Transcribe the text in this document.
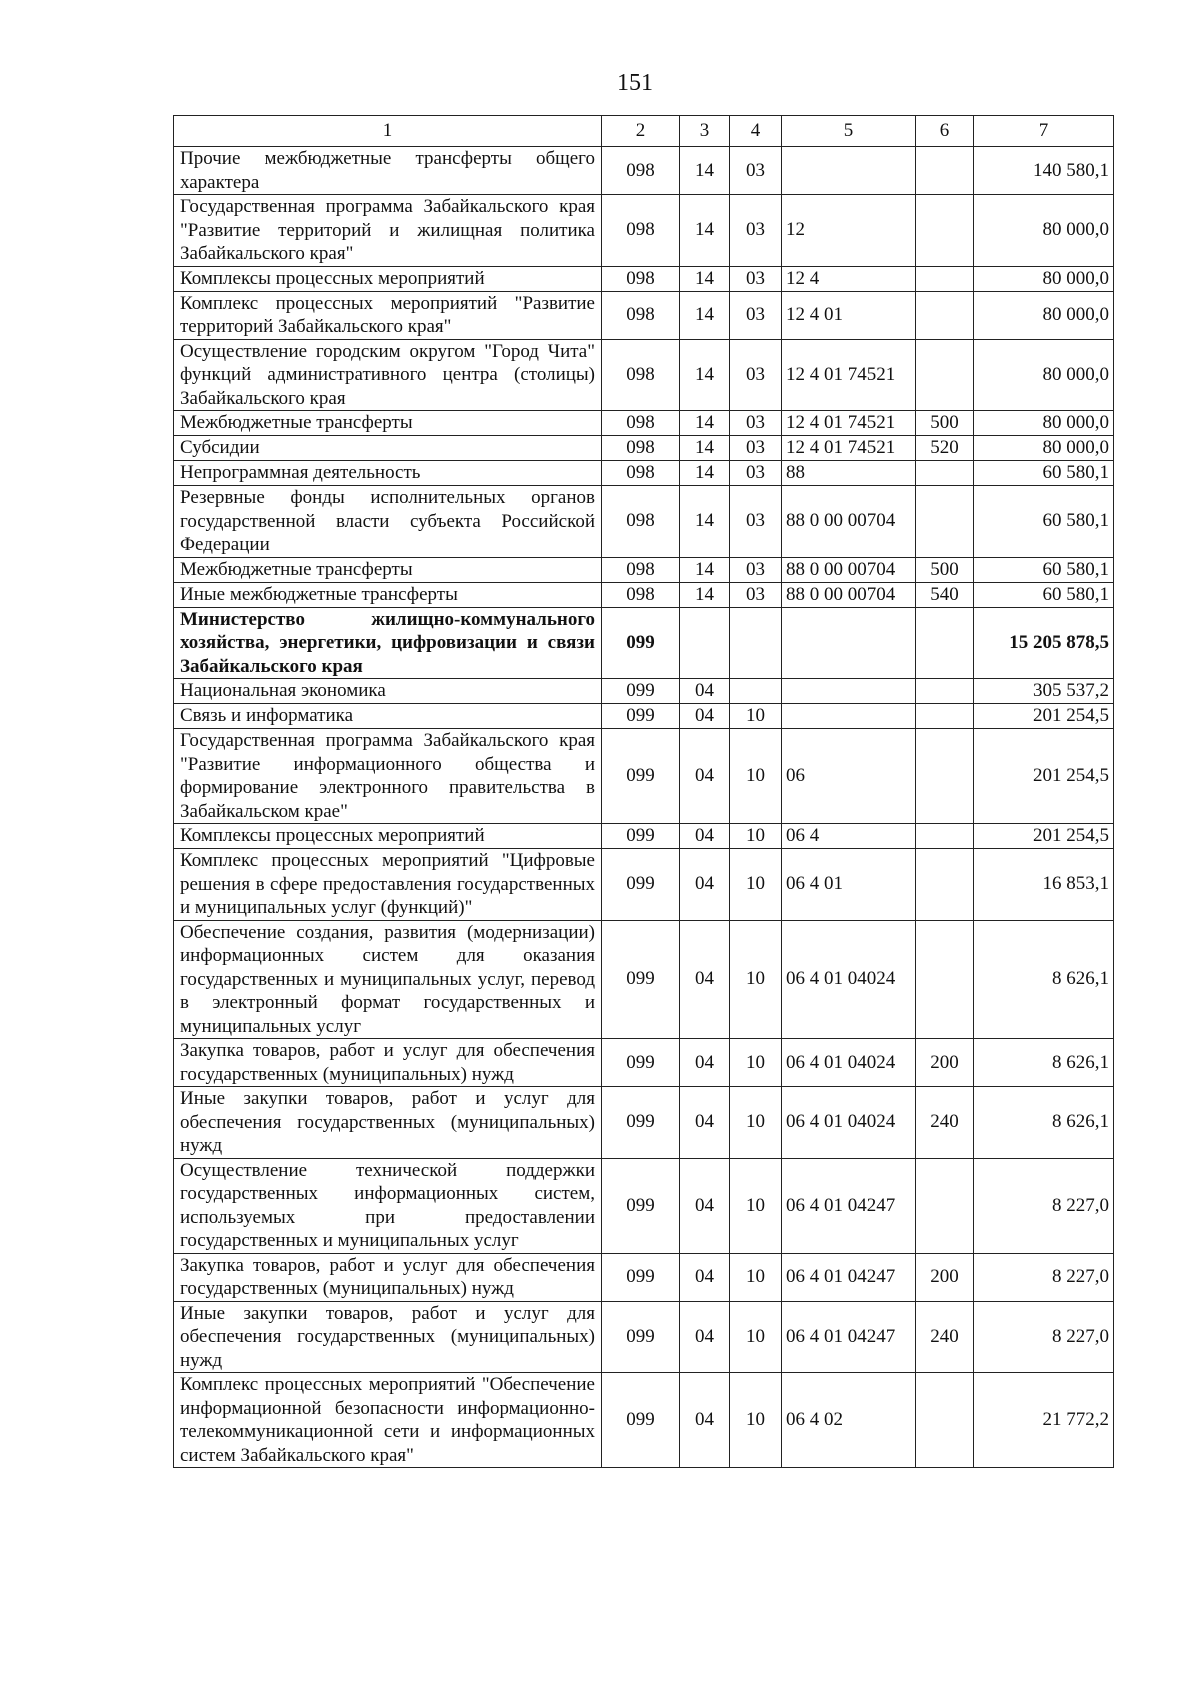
151
1	2	3	4	5	6	7
Прочие межбюджетные трансферты общего характера	098	14	03			140 580,1
Государственная программа Забайкальского края "Развитие территорий и жилищная политика Забайкальского края"	098	14	03	12		80 000,0
Комплексы процессных мероприятий	098	14	03	12 4		80 000,0
Комплекс процессных мероприятий "Развитие территорий Забайкальского края"	098	14	03	12 4 01		80 000,0
Осуществление городским округом "Город Чита" функций административного центра (столицы) Забайкальского края	098	14	03	12 4 01 74521		80 000,0
Межбюджетные трансферты	098	14	03	12 4 01 74521	500	80 000,0
Субсидии	098	14	03	12 4 01 74521	520	80 000,0
Непрограммная деятельность	098	14	03	88		60 580,1
Резервные фонды исполнительных органов государственной власти субъекта Российской Федерации	098	14	03	88 0 00 00704		60 580,1
Межбюджетные трансферты	098	14	03	88 0 00 00704	500	60 580,1
Иные межбюджетные трансферты	098	14	03	88 0 00 00704	540	60 580,1
Министерство жилищно-коммунального хозяйства, энергетики, цифровизации и связи Забайкальского края	099					15 205 878,5
Национальная экономика	099	04				305 537,2
Связь и информатика	099	04	10			201 254,5
Государственная программа Забайкальского края "Развитие информационного общества и формирование электронного правительства в Забайкальском крае"	099	04	10	06		201 254,5
Комплексы процессных мероприятий	099	04	10	06 4		201 254,5
Комплекс процессных мероприятий "Цифровые решения в сфере предоставления государственных и муниципальных услуг (функций)"	099	04	10	06 4 01		16 853,1
Обеспечение создания, развития (модернизации) информационных систем для оказания государственных и муниципальных услуг, перевод в электронный формат государственных и муниципальных услуг	099	04	10	06 4 01 04024		8 626,1
Закупка товаров, работ и услуг для обеспечения государственных (муниципальных) нужд	099	04	10	06 4 01 04024	200	8 626,1
Иные закупки товаров, работ и услуг для обеспечения государственных (муниципальных) нужд	099	04	10	06 4 01 04024	240	8 626,1
Осуществление технической поддержки государственных информационных систем, используемых при предоставлении государственных и муниципальных услуг	099	04	10	06 4 01 04247		8 227,0
Закупка товаров, работ и услуг для обеспечения государственных (муниципальных) нужд	099	04	10	06 4 01 04247	200	8 227,0
Иные закупки товаров, работ и услуг для обеспечения государственных (муниципальных) нужд	099	04	10	06 4 01 04247	240	8 227,0
Комплекс процессных мероприятий "Обеспечение информационной безопасности информационно-телекоммуникационной сети и информационных систем Забайкальского края"	099	04	10	06 4 02		21 772,2
